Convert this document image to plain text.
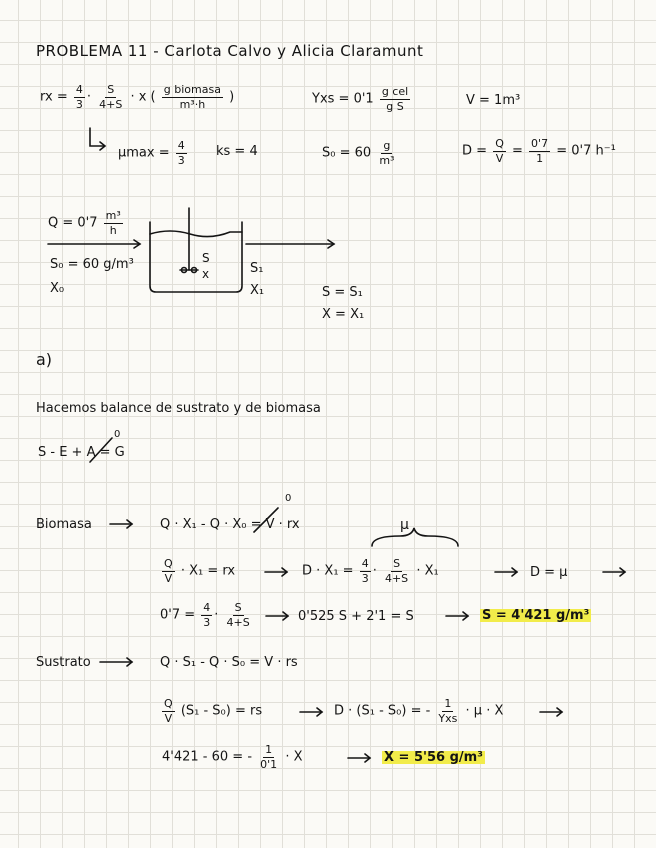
PROBLEMA 11 - Carlota Calvo y Alicia Claramunt
rx = $\frac{4}{3} \cdot \frac{S}{4+S} \cdot x$ ( $\frac{\text{g biomasa}}{\text{m³·h}}$ )	Yxs = $0'1 \frac{\text{g cel}}{\text{g S}}$	V = 1m³
$\mu\max = \frac{4}{3}$ ks = 4	$S_0 = 60 \frac{g}{\text{m³}}$	$D = \frac{Q}{V} = \frac{0'7}{1} = 0'7$ h⁻¹
$Q = 0'7 \frac{\text{m³}}{h}$
S₀ = 60 g/m³
X₀
S
x	S₁
X₁	S = S₁
X = X₁
a)
Hacemos balance de sustrato y de biomasa
S - E + A = G
0
Biomasa	Q · X₁ - Q · X₀ = V · rx
0
μ
$\frac{Q}{V} \cdot X_1$ = rx	$D \cdot X_1 = \frac{4}{3} \cdot \frac{S}{4+S} \cdot X_1$	D = μ
$0'7 = \frac{4}{3} \cdot \frac{S}{4+S}$	0'525 S + 2'1 = S	S = 4'421 g/m³
Sustrato	Q · S₁ - Q · S₀ = V · rs
$\frac{Q}{V} (S_1 - S_0)$ = rs	D · (S₁ - S₀) = - $\frac{1}{\text{Yxs}} \cdot \mu \cdot X$
4'421 - 60 = - $\frac{1}{0'1} \cdot X$	X = 5'56 g/m³
